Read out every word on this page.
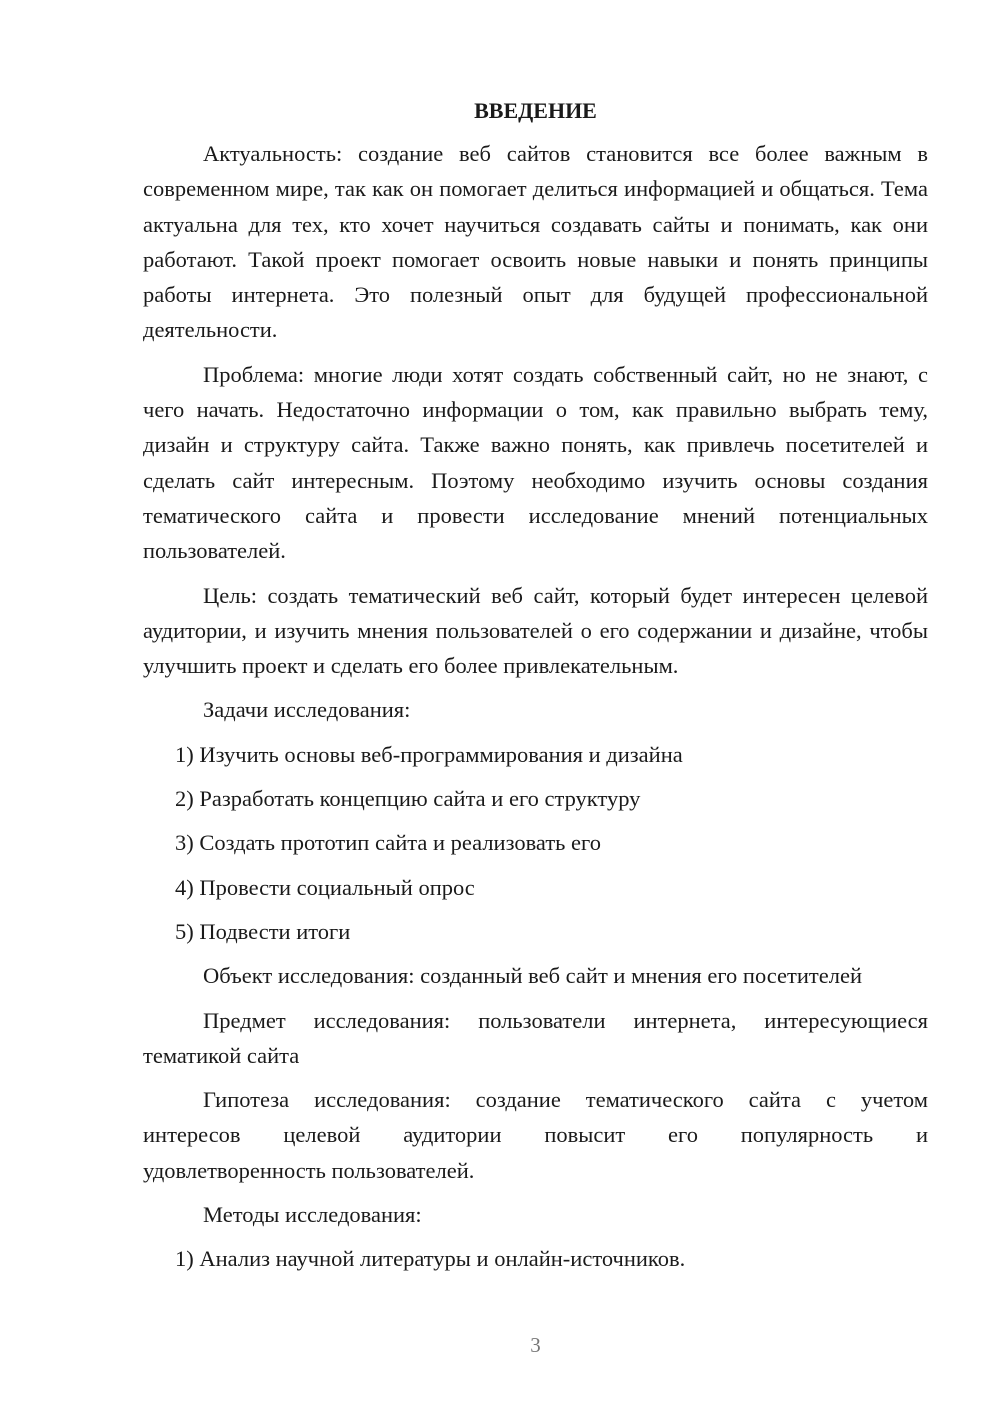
ВВЕДЕНИЕ

Актуальность: создание веб сайтов становится все более важным в современном мире, так как он помогает делиться информацией и общаться. Тема актуальна для тех, кто хочет научиться создавать сайты и понимать, как они работают. Такой проект помогает освоить новые навыки и понять принципы работы интернета. Это полезный опыт для будущей профессиональной деятельности.

Проблема: многие люди хотят создать собственный сайт, но не знают, с чего начать. Недостаточно информации о том, как правильно выбрать тему, дизайн и структуру сайта. Также важно понять, как привлечь посетителей и сделать сайт интересным. Поэтому необходимо изучить основы создания тематического сайта и провести исследование мнений потенциальных пользователей.

Цель: создать тематический веб сайт, который будет интересен целевой аудитории, и изучить мнения пользователей о его содержании и дизайне, чтобы улучшить проект и сделать его более привлекательным.

Задачи исследования:
1) Изучить основы веб-программирования и дизайна
2) Разработать концепцию сайта и его структуру
3) Создать прототип сайта и реализовать его
4) Провести социальный опрос
5) Подвести итоги
Объект исследования: созданный веб сайт и мнения его посетителей

Предмет исследования: пользователи интернета, интересующиеся тематикой сайта

Гипотеза исследования: создание тематического сайта с учетом
интересов целевой аудитории повысит его популярность и
удовлетворенность пользователей.
Методы исследования:
1) Анализ научной литературы и онлайн-источников.
3
